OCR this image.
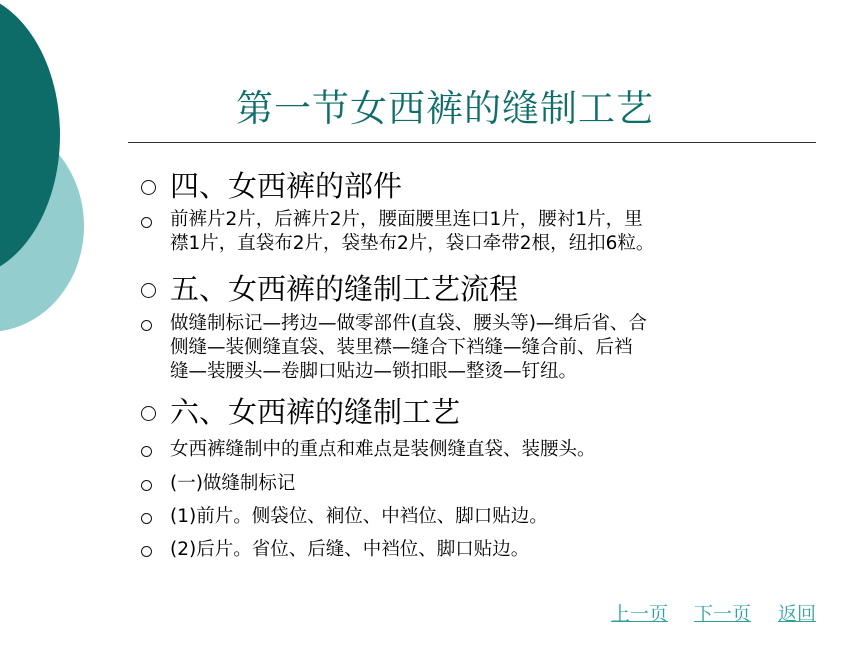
第一节女西裤的缝制工艺
四、女西裤的部件
前裤片2片，后裤片2片，腰面腰里连口1片，腰衬1片，里
襟1片，直袋布2片，袋垫布2片，袋口牵带2根，纽扣6粒。
五、女西裤的缝制工艺流程
做缝制标记—拷边—做零部件(直袋、腰头等)—缉后省、合
侧缝—装侧缝直袋、装里襟—缝合下裆缝—缝合前、后裆
缝—装腰头—卷脚口贴边—锁扣眼—整烫—钉纽。
六、女西裤的缝制工艺
女西裤缝制中的重点和难点是装侧缝直袋、装腰头。
(一)做缝制标记
(1)前片。侧袋位、裥位、中裆位、脚口贴边。
(2)后片。省位、后缝、中裆位、脚口贴边。
上一页 下一页 返回
